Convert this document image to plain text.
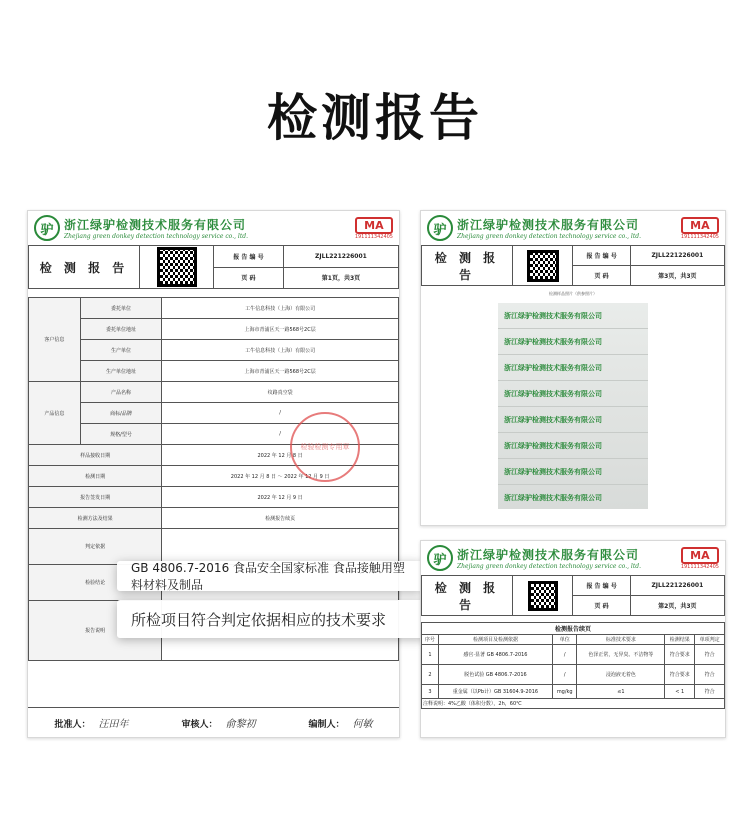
检测报告
驴 浙江绿驴检测技术服务有限公司
Zhejiang green donkey detection technology service co., ltd.
MA
191111342405
检 测 报 告		报 告 编 号	ZJLL221226001
		页 码	第1页，共3页
客户信息	委托单位	工牛信息科技（上海）有限公司
	委托单位地址	上海市青浦区天一路568号2C层
	生产单位	工牛信息科技（上海）有限公司
	生产单位地址	上海市青浦区天一路568号2C层
产品信息	产品名称	纹路真空袋
	商标/品牌	/
	规格/型号	/
样品接收日期		2022 年 12 月 8 日
检测日期		2022 年 12 月 8 日 ～ 2022 年 12 月 9 日
报告签发日期		2022 年 12 月 9 日
检测方法及结果		检测报告续页
判定依据		
检验结论		
报告说明		
批准人： 汪田年	审核人： 俞黎初	编制人： 何敏
检验检测专用章
GB 4806.7-2016 食品安全国家标准 食品接触用塑料材料及制品
所检项目符合判定依据相应的技术要求
驴 浙江绿驴检测技术服务有限公司
Zhejiang green donkey detection technology service co., ltd.
MA
191111342405
检 测 报 告		报 告 编 号	ZJLL221226001
		页 码	第3页，共3页
检测样品照片（供参照片）
浙江绿驴检测技术服务有限公司
浙江绿驴检测技术服务有限公司
浙江绿驴检测技术服务有限公司
浙江绿驴检测技术服务有限公司
浙江绿驴检测技术服务有限公司
浙江绿驴检测技术服务有限公司
浙江绿驴检测技术服务有限公司
浙江绿驴检测技术服务有限公司
驴 浙江绿驴检测技术服务有限公司
Zhejiang green donkey detection technology service co., ltd.
MA
191111342405
检 测 报 告		报 告 编 号	ZJLL221226001
		页 码	第2页，共3页
检测报告续页					
序号	检测项目及检测依据	单位	标准技术要求	检测结果	单项判定
1	感官·显著 GB 4806.7-2016	/	色泽正常，无异臭、不洁物等	符合要求	符合
2	脱色试验 GB 4806.7-2016	/	浸泡液无着色	符合要求	符合
3	重金属（以Pb计）GB 31604.9-2016	mg/kg	≤1	< 1	符合
注释说明：4%乙酸（体积分数），2h，60℃					
